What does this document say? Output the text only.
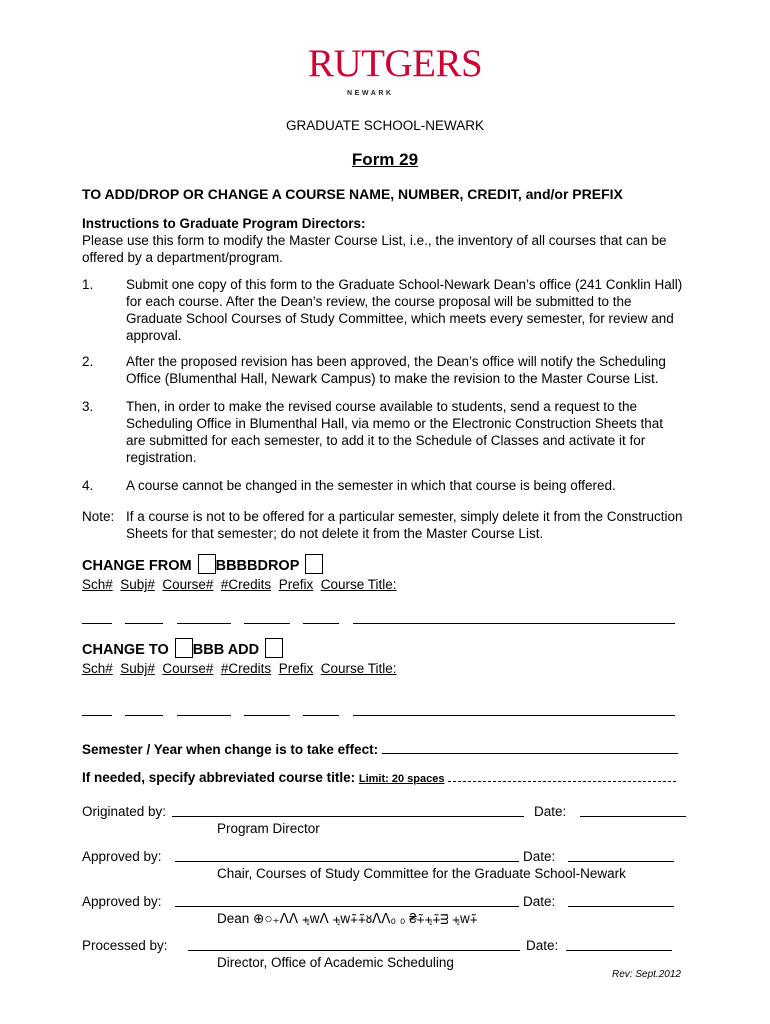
RUTGERS
NEWARK
GRADUATE SCHOOL-NEWARK
Form 29
TO ADD/DROP OR CHANGE A COURSE NAME, NUMBER, CREDIT, and/or PREFIX
Instructions to Graduate Program Directors:
Please use this form to modify the Master Course List, i.e., the inventory of all courses that can be
offered by a department/program.
1. Submit one copy of this form to the Graduate School-Newark Dean’s office (241 Conklin Hall) for each course. After the Dean’s review, the course proposal will be submitted to the Graduate School Courses of Study Committee, which meets every semester, for review and approval.
2. After the proposed revision has been approved, the Dean’s office will notify the Scheduling Office (Blumenthal Hall, Newark Campus) to make the revision to the Master Course List.
3. Then, in order to make the revised course available to students, send a request to the Scheduling Office in Blumenthal Hall, via memo or the Electronic Construction Sheets that are submitted for each semester, to add it to the Schedule of Classes and activate it for registration.
4. A course cannot be changed in the semester in which that course is being offered.
Note: If a course is not to be offered for a particular semester, simply delete it from the Construction Sheets for that semester; do not delete it from the Master Course List.
CHANGE FROM BBBBDROP
Sch# Subj# Course# #Credits Prefix Course Title:

CHANGE TO BBB ADD
Sch# Subj# Course# #Credits Prefix Course Title:

Semester / Year when change is to take effect:
If needed, specify abbreviated course title: Limit: 20 spaces
Originated by:	Date:
Program Director
Approved by:	Date:
Chair, Courses of Study Committee for the Graduate School-Newark
Approved by:	Date:
Dean ⊕○₊ⴷⴷ ⨧ᴡⴷ ⨧ᴡ⨤⨤ᴕⴷⴷ₀ ₀ ₴⨤⨧⨤ᴟ ⨧ᴡ⨤
Processed by:	Date:
Director, Office of Academic Scheduling
Rev: Sept.2012
